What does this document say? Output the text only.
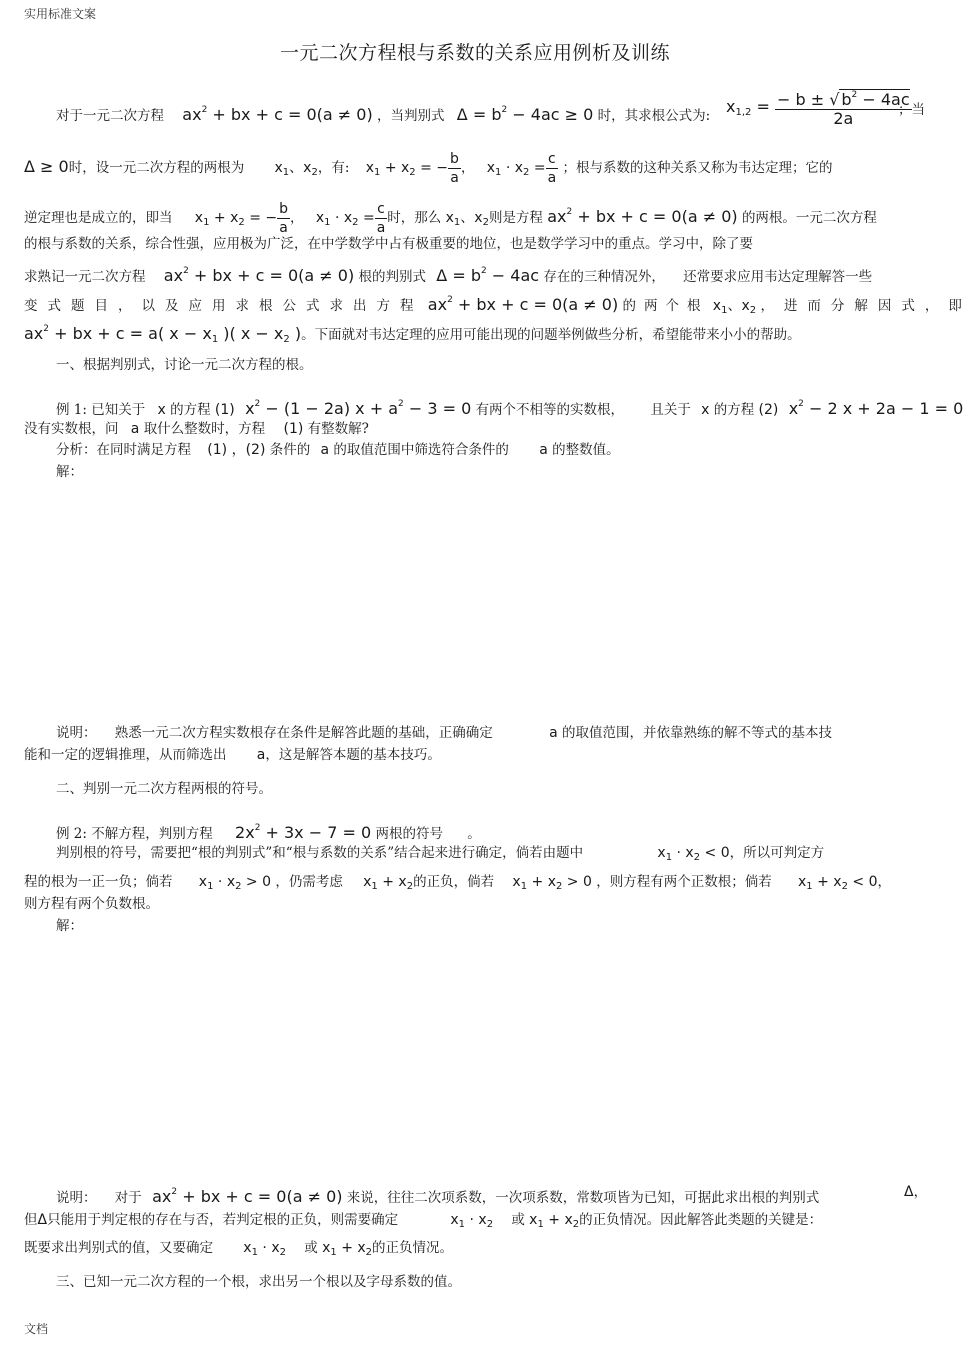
实用标准文案
一元二次方程根与系数的关系应用例析及训练
对于一元二次方程 $ax^2$ + bx + c = 0(a ≠ 0) ，当判别式 $\Delta = b^2 - 4ac \ge 0$ 时，其求根公式为:
$x_{1,2} = \frac{- b \pm √ b^2 - 4ac}{2a}$
；当
Δ ≥ 0时，设一元二次方程的两根为 $x_1$、$x_2$，有: $x_1 + x_2$ = − $\frac{b}{a}$ ， $x_1 \cdot x_2 = \frac{c}{a}$ ；根与系数的这种关系又称为韦达定理；它的
逆定理也是成立的，即当 $x_1 + x_2$ = − $\frac{b}{a}$ ， $x_1 \cdot x_2 = \frac{c}{a}$ 时，那么 $x_1$、$x_2$则是方程 $ax^2$ + bx + c = 0(a ≠ 0) 的两根。一元二次方程
的根与系数的关系，综合性强，应用极为广泛，在中学数学中占有极重要的地位，也是数学学习中的重点。学习中，除了要
求熟记一元二次方程 $ax^2$ + bx + c = 0(a ≠ 0) 根的判别式 $\Delta = b^2 - 4ac$ 存在的三种情况外， 还常要求应用韦达定理解答一些
变式题目，以及应用求根公式求出方程 $ax^2$ + bx + c = 0(a ≠ 0) 的两个根 $x_1$、$x_2$ ，进而分解因式，即
$ax^2$ + bx + c = a( $x - x_1$ )( $x - x_2$ )。下面就对韦达定理的应用可能出现的问题举例做些分析，希望能带来小小的帮助。
一、根据判别式，讨论一元二次方程的根。
例 1: 已知关于 x 的方程 (1) $x^2 - (1 - 2a) x + a^2 - 3 = 0$ 有两个不相等的实数根， 且关于 x 的方程 (2) $x^2 - 2$ x + 2a − 1 = 0
没有实数根，问 a 取什么整数时，方程 (1) 有整数解?
分析：在同时满足方程 (1) ，(2) 条件的 a 的取值范围中筛选符合条件的 a 的整数值。
解：
说明： 熟悉一元二次方程实数根存在条件是解答此题的基础，正确确定	a 的取值范围，并依靠熟练的解不等式的基本技
能和一定的逻辑推理，从而筛选出 a，这是解答本题的基本技巧。
二、判别一元二次方程两根的符号。
例 2: 不解方程，判别方程 $2x^2 + 3x - 7 = 0$ 两根的符号 。
判别根的符号，需要把“根的判别式”和“根与系数的关系”结合起来进行确定，倘若由题中	$x_1 \cdot x_2 < 0$，所以可判定方
程的根为一正一负；倘若 $x_1 \cdot x_2 > 0$ ，仍需考虑 $x_1 + x_2$的正负，倘若 $x_1 + x_2 > 0$ ，则方程有两个正数根；倘若 $x_1 + x_2 < 0$，
则方程有两个负数根。
解：
说明： 对于 $ax^2$ + bx + c = 0(a ≠ 0) 来说，往往二次项系数，一次项系数，常数项皆为已知，可据此求出根的判别式	Δ，
但Δ只能用于判定根的存在与否，若判定根的正负，则需要确定	$x_1 \cdot x_2$ 或 $x_1 + x_2$的正负情况。因此解答此类题的关键是：
既要求出判别式的值，又要确定 $x_1 \cdot x_2$ 或 $x_1 + x_2$的正负情况。
三、已知一元二次方程的一个根，求出另一个根以及字母系数的值。
文档
